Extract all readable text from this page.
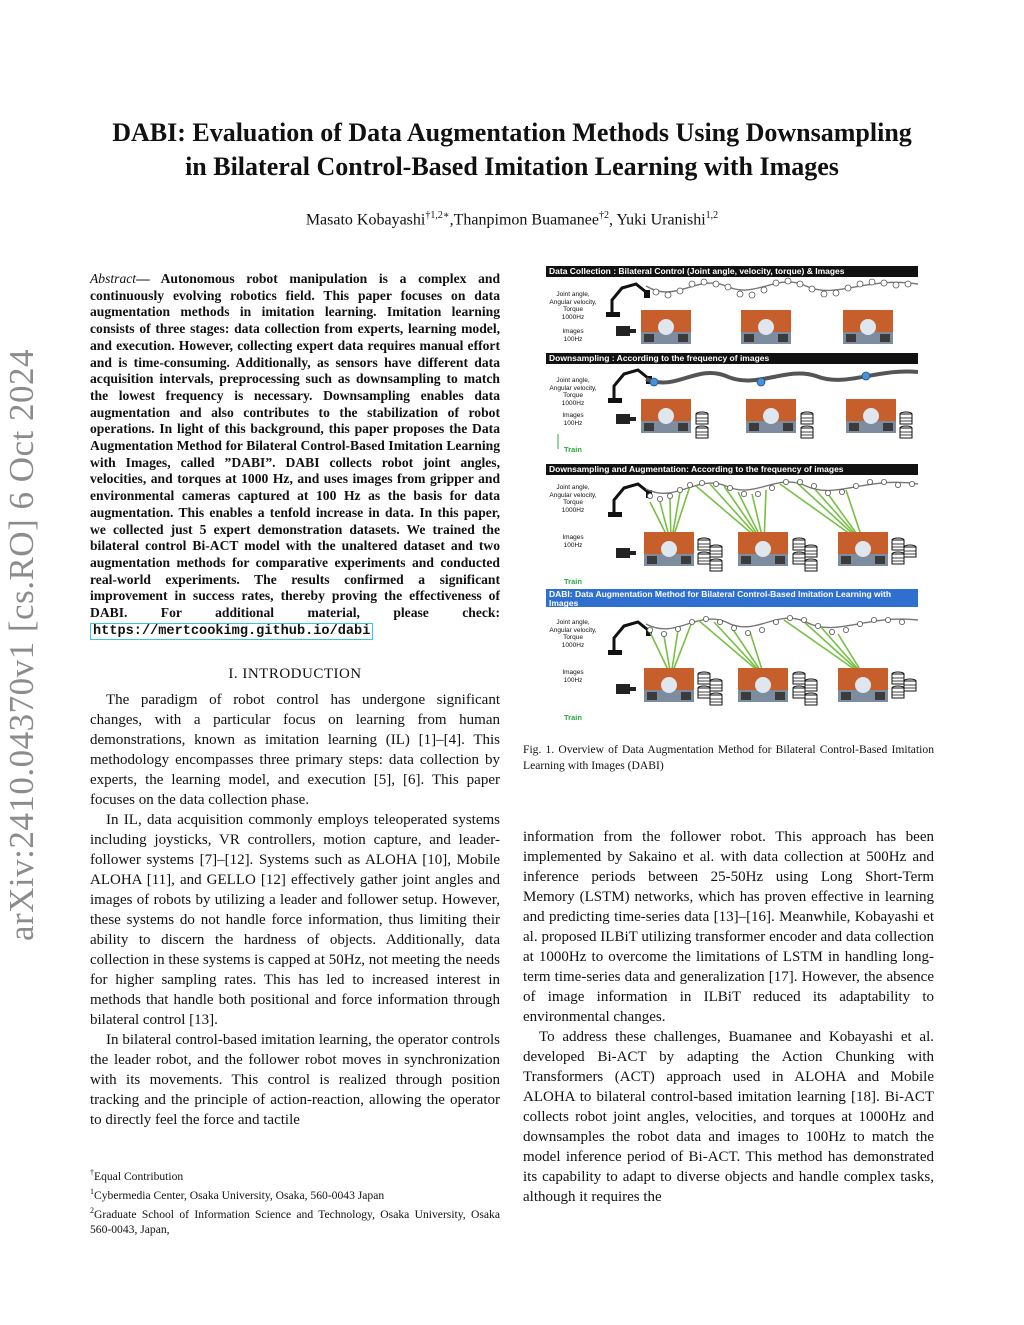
arXiv:2410.04370v1 [cs.RO] 6 Oct 2024
DABI: Evaluation of Data Augmentation Methods Using Downsampling
in Bilateral Control-Based Imitation Learning with Images
Masato Kobayashi$^{\dagger 1,2∗}$,Thanpimon Buamanee$^{\dagger 2}$, Yuki Uranishi$^{1,2}$
Abstract— Autonomous robot manipulation is a complex and continuously evolving robotics field. This paper focuses on data augmentation methods in imitation learning. Imitation learning consists of three stages: data collection from experts, learning model, and execution. However, collecting expert data requires manual effort and is time-consuming. Additionally, as sensors have different data acquisition intervals, preprocessing such as downsampling to match the lowest frequency is necessary. Downsampling enables data augmentation and also contributes to the stabilization of robot operations. In light of this background, this paper proposes the Data Augmentation Method for Bilateral Control-Based Imitation Learning with Images, called ”DABI”. DABI collects robot joint angles, velocities, and torques at 1000 Hz, and uses images from gripper and environmental cameras captured at 100 Hz as the basis for data augmentation. This enables a tenfold increase in data. In this paper, we collected just 5 expert demonstration datasets. We trained the bilateral control Bi-ACT model with the unaltered dataset and two augmentation methods for comparative experiments and conducted real-world experiments. The results confirmed a significant improvement in success rates, thereby proving the effectiveness of DABI. For additional material, please check: https://mertcookimg.github.io/dabi
I. INTRODUCTION

The paradigm of robot control has undergone significant changes, with a particular focus on learning from human demonstrations, known as imitation learning (IL) [1]–[4]. This methodology encompasses three primary steps: data collection by experts, the learning model, and execution [5], [6]. This paper focuses on the data collection phase.

In IL, data acquisition commonly employs teleoperated systems including joysticks, VR controllers, motion capture, and leader-follower systems [7]–[12]. Systems such as ALOHA [10], Mobile ALOHA [11], and GELLO [12] effectively gather joint angles and images of robots by utilizing a leader and follower setup. However, these systems do not handle force information, thus limiting their ability to discern the hardness of objects. Additionally, data collection in these systems is capped at 50Hz, not meeting the needs for higher sampling rates. This has led to increased interest in methods that handle both positional and force information through bilateral control [13].

In bilateral control-based imitation learning, the operator controls the leader robot, and the follower robot moves in synchronization with its movements. This control is realized through position tracking and the principle of action-reaction, allowing the operator to directly feel the force and tactile

†Equal Contribution
$^1$Cybermedia Center, Osaka University, Osaka, 560-0043 Japan
$^2$Graduate School of Information Science and Technology, Osaka University, Osaka 560-0043, Japan,
Data Collection : Bilateral Control (Joint angle, velocity, torque) & Images
Downsampling : According to the frequency of images
Downsampling and Augmentation: According to the frequency of images
DABI: Data Augmentation Method for Bilateral Control-Based Imitation Learning with Images
Joint angle,
Angular velocity,
Torque
1000Hz
Images
100Hz
Joint angle,
Angular velocity,
Torque
1000Hz
Images
100Hz
Train
Joint angle,
Angular velocity,
Torque
1000Hz
Images
100Hz
Train
Joint angle,
Angular velocity,
Torque
1000Hz
Images
100Hz
Train
Fig. 1. Overview of Data Augmentation Method for Bilateral Control-Based Imitation Learning with Images (DABI)

information from the follower robot. This approach has been implemented by Sakaino et al. with data collection at 500Hz and inference periods between 25-50Hz using Long Short-Term Memory (LSTM) networks, which has proven effective in learning and predicting time-series data [13]–[16]. Meanwhile, Kobayashi et al. proposed ILBiT utilizing transformer encoder and data collection at 1000Hz to overcome the limitations of LSTM in handling long-term time-series data and generalization [17]. However, the absence of image information in ILBiT reduced its adaptability to environmental changes.

To address these challenges, Buamanee and Kobayashi et al. developed Bi-ACT by adapting the Action Chunking with Transformers (ACT) approach used in ALOHA and Mobile ALOHA to bilateral control-based imitation learning [18]. Bi-ACT collects robot joint angles, velocities, and torques at 1000Hz and downsamples the robot data and images to 100Hz to match the model inference period of Bi-ACT. This method has demonstrated its capability to adapt to diverse objects and handle complex tasks, although it requires the
